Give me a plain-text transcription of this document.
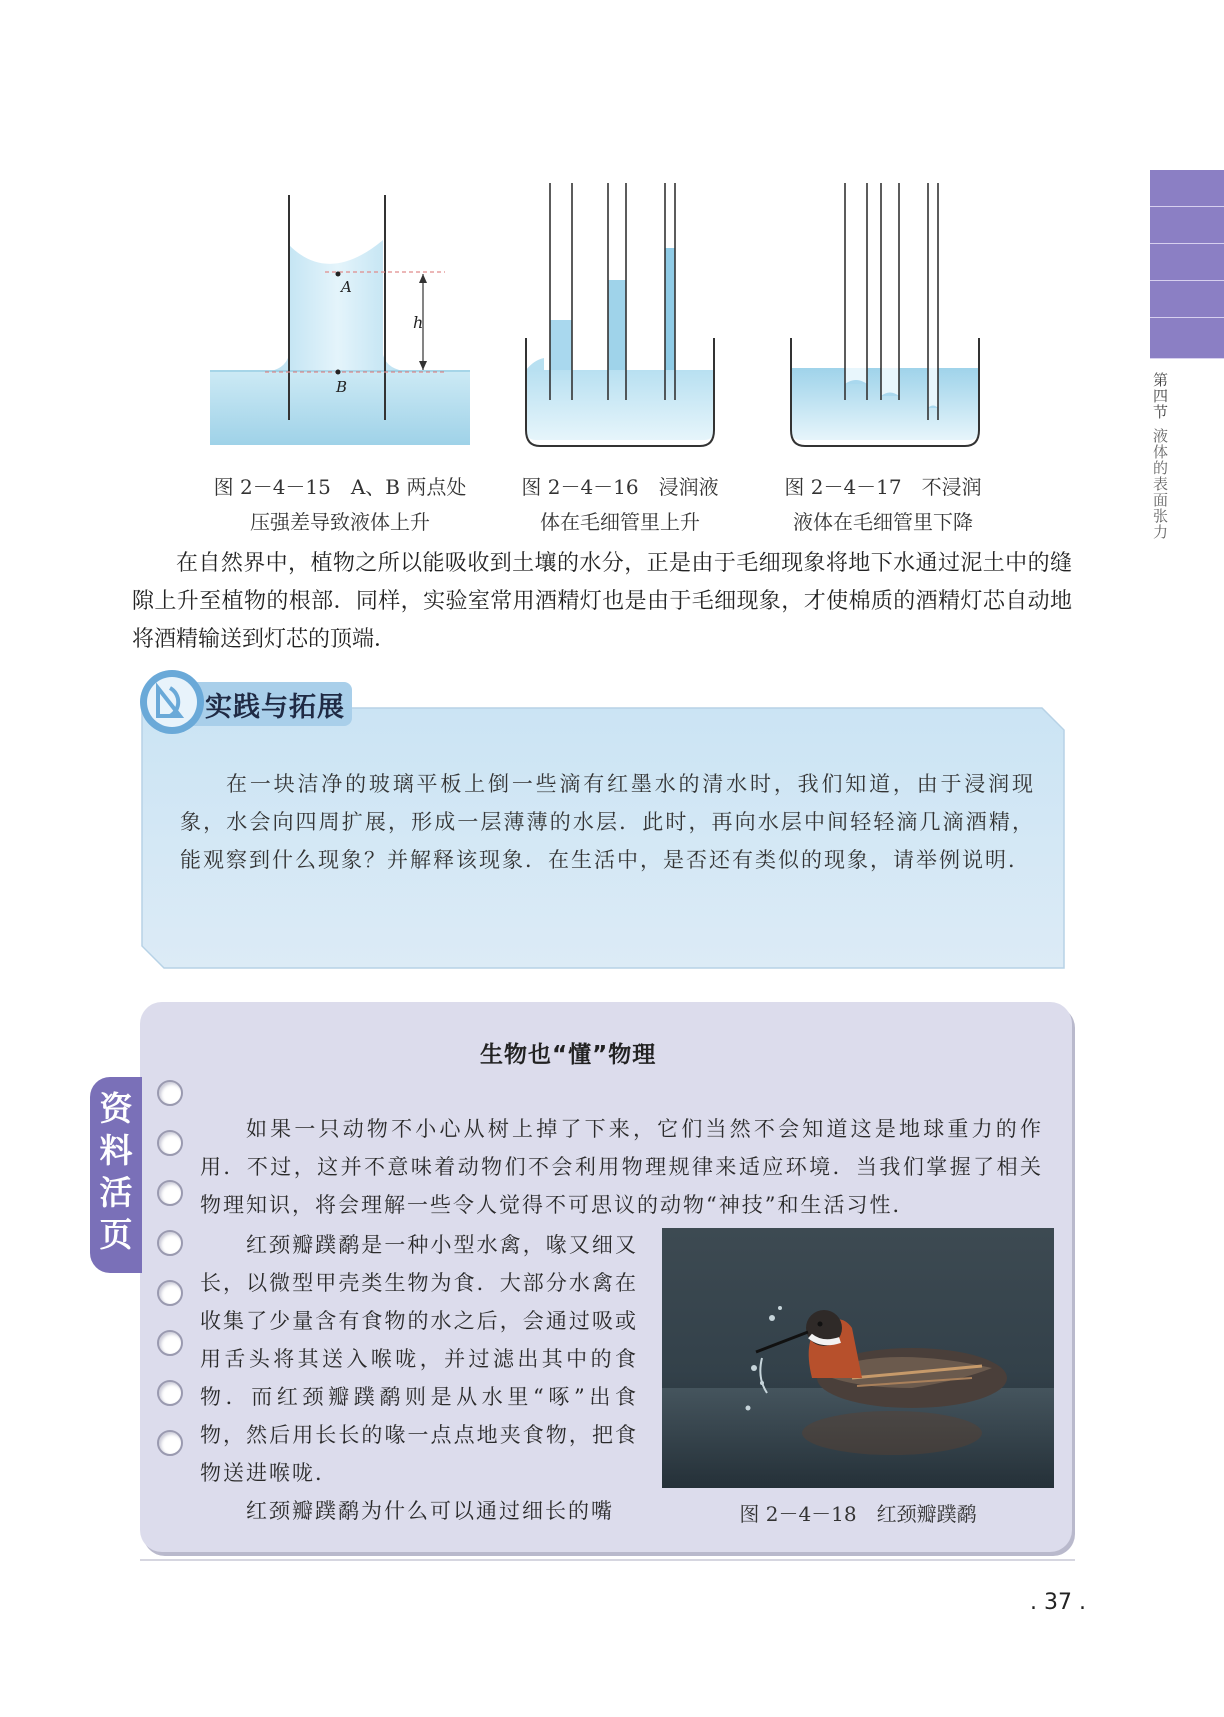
第四节
液体的表面张力
A
B
h
图 2－4－15　A、B 两点处
压强差导致液体上升
图 2－4－16　浸润液
体在毛细管里上升
图 2－4－17　不浸润
液体在毛细管里下降
在自然界中，植物之所以能吸收到土壤的水分，正是由于毛细现象将地下水通过泥土中的缝隙上升至植物的根部．同样，实验室常用酒精灯也是由于毛细现象，才使棉质的酒精灯芯自动地将酒精输送到灯芯的顶端．
实践与拓展
在一块洁净的玻璃平板上倒一些滴有红墨水的清水时，我们知道，由于浸润现象，水会向四周扩展，形成一层薄薄的水层．此时，再向水层中间轻轻滴几滴酒精，能观察到什么现象？并解释该现象．在生活中，是否还有类似的现象，请举例说明．
资料活页
生物也“懂”物理
如果一只动物不小心从树上掉了下来，它们当然不会知道这是地球重力的作用．不过，这并不意味着动物们不会利用物理规律来适应环境．当我们掌握了相关物理知识，将会理解一些令人觉得不可思议的动物“神技”和生活习性．
红颈瓣蹼鹬是一种小型水禽，喙又细又长，以微型甲壳类生物为食．大部分水禽在收集了少量含有食物的水之后，会通过吸或用舌头将其送入喉咙，并过滤出其中的食物．而红颈瓣蹼鹬则是从水里“啄”出食物，然后用长长的喙一点点地夹食物，把食物送进喉咙．
红颈瓣蹼鹬为什么可以通过细长的嘴	图 2－4－18　红颈瓣蹼鹬
. 37 .
